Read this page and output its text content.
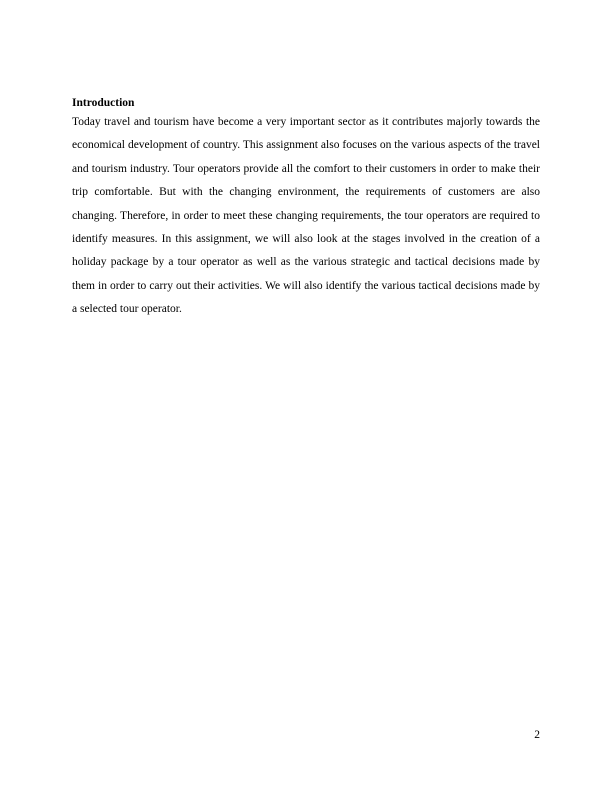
Introduction

Today travel and tourism have become a very important sector as it contributes majorly towards the economical development of country. This assignment also focuses on the various aspects of the travel and tourism industry. Tour operators provide all the comfort to their customers in order to make their trip comfortable. But with the changing environment, the requirements of customers are also changing. Therefore, in order to meet these changing requirements, the tour operators are required to identify measures. In this assignment, we will also look at the stages involved in the creation of a holiday package by a tour operator as well as the various strategic and tactical decisions made by them in order to carry out their activities. We will also identify the various tactical decisions made by a selected tour operator.

2
